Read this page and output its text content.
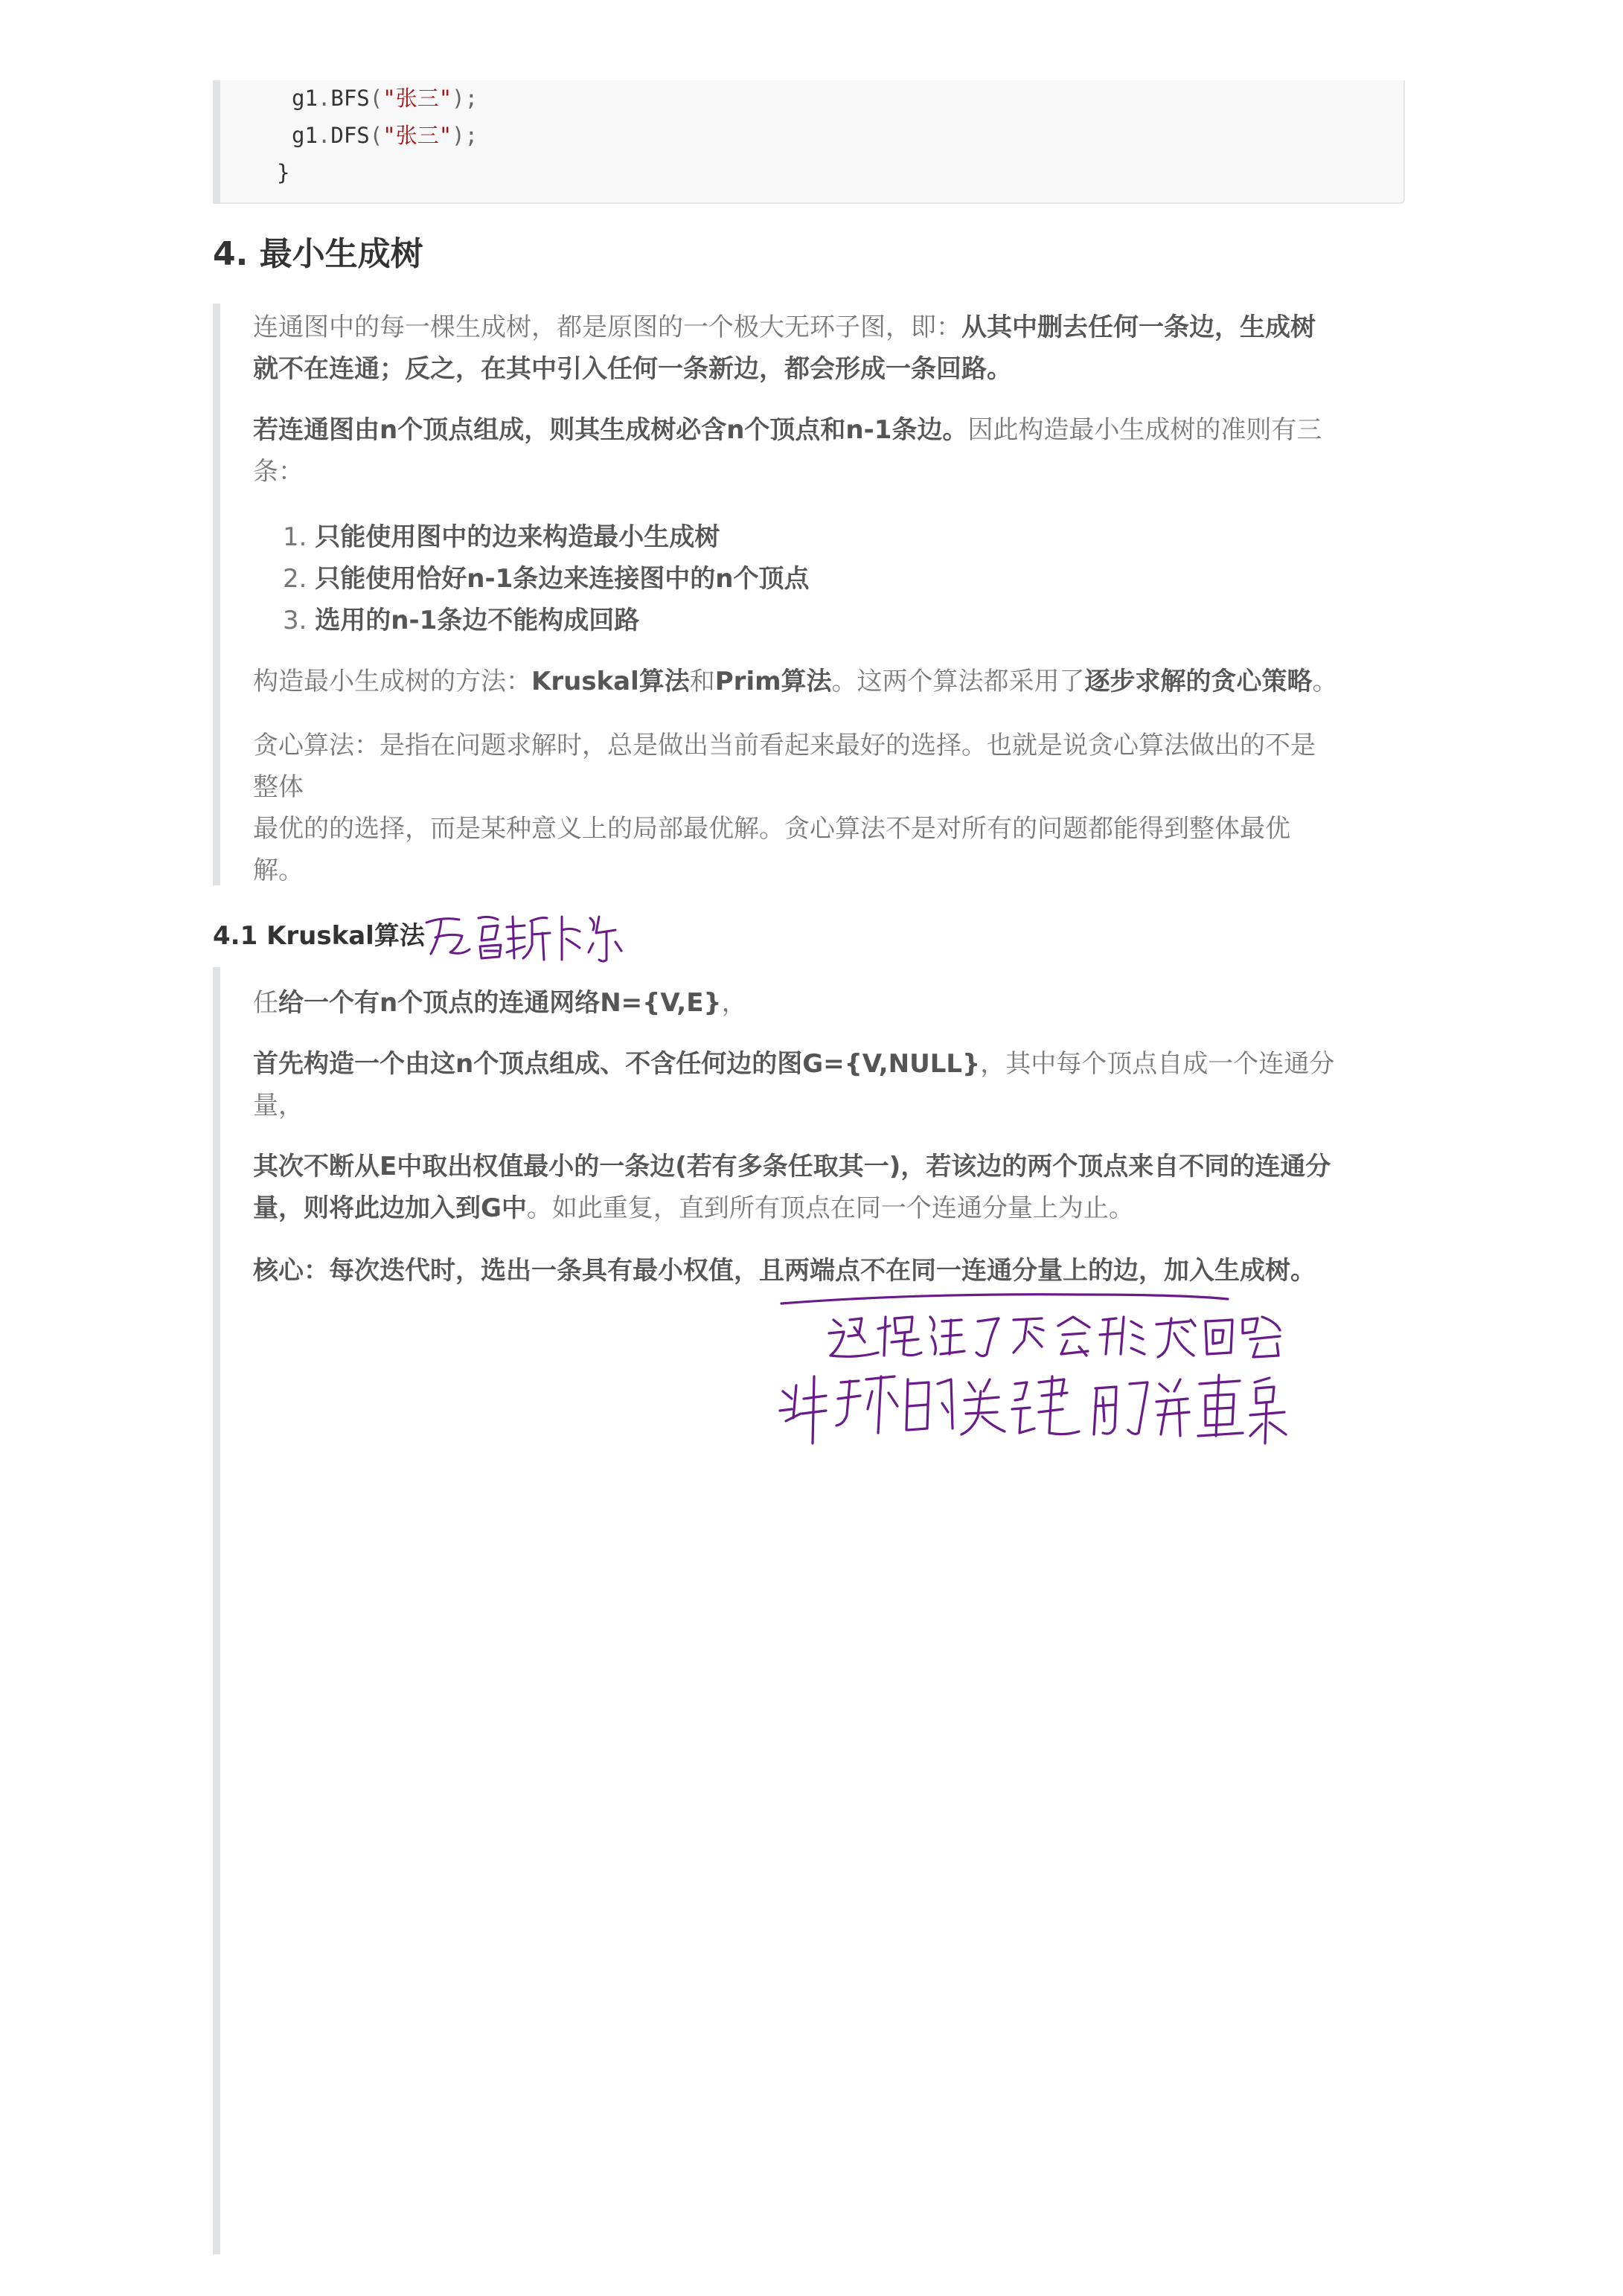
g1.BFS("张三");
g1.DFS("张三");
}
4. 最小生成树
连通图中的每一棵生成树，都是原图的一个极大无环子图，即：从其中删去任何一条边，生成树
就不在连通；反之，在其中引入任何一条新边，都会形成一条回路。
若连通图由n个顶点组成，则其生成树必含n个顶点和n-1条边。因此构造最小生成树的准则有三
条：
1. 只能使用图中的边来构造最小生成树
2. 只能使用恰好n-1条边来连接图中的n个顶点
3. 选用的n-1条边不能构成回路
构造最小生成树的方法：Kruskal算法和Prim算法。这两个算法都采用了逐步求解的贪心策略。
贪心算法：是指在问题求解时，总是做出当前看起来最好的选择。也就是说贪心算法做出的不是
整体
最优的的选择，而是某种意义上的局部最优解。贪心算法不是对所有的问题都能得到整体最优
解。
4.1 Kruskal算法
任给一个有n个顶点的连通网络N={V,E}，
首先构造一个由这n个顶点组成、不含任何边的图G={V,NULL}，其中每个顶点自成一个连通分
量，
其次不断从E中取出权值最小的一条边(若有多条任取其一)，若该边的两个顶点来自不同的连通分
量，则将此边加入到G中。如此重复，直到所有顶点在同一个连通分量上为止。
核心：每次迭代时，选出一条具有最小权值，且两端点不在同一连通分量上的边，加入生成树。
